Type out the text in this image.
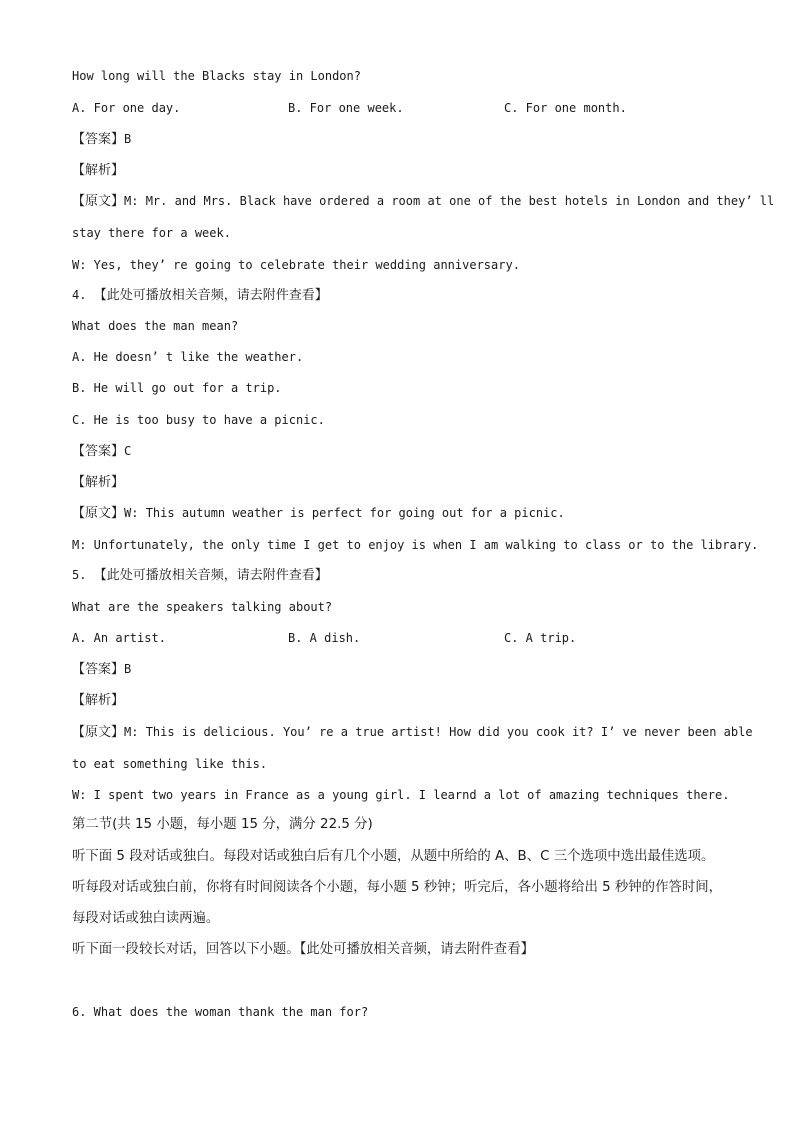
How long will the Blacks stay in London?
A. For one day.	B. For one week.	C. For one month.
【答案】B
【解析】
【原文】M: Mr. and Mrs. Black have ordered a room at one of the best hotels in London and they’ ll
stay there for a week.
W: Yes, they’ re going to celebrate their wedding anniversary.
4. 【此处可播放相关音频，请去附件查看】
What does the man mean?
A. He doesn’ t like the weather.
B. He will go out for a trip.
C. He is too busy to have a picnic.
【答案】C
【解析】
【原文】W: This autumn weather is perfect for going out for a picnic.
M: Unfortunately, the only time I get to enjoy is when I am walking to class or to the library.
5. 【此处可播放相关音频，请去附件查看】
What are the speakers talking about?
A. An artist.	B. A dish.	C. A trip.
【答案】B
【解析】
【原文】M: This is delicious. You’ re a true artist! How did you cook it? I’ ve never been able
to eat something like this.
W: I spent two years in France as a young girl. I learnd a lot of amazing techniques there.
第二节(共 15 小题，每小题 15 分，满分 22.5 分)
听下面 5 段对话或独白。每段对话或独白后有几个小题，从题中所给的 A、B、C 三个选项中选出最佳选项。
听每段对话或独白前，你将有时间阅读各个小题，每小题 5 秒钟；听完后，各小题将给出 5 秒钟的作答时间，
每段对话或独白读两遍。
听下面一段较长对话，回答以下小题。【此处可播放相关音频，请去附件查看】
6. What does the woman thank the man for?
